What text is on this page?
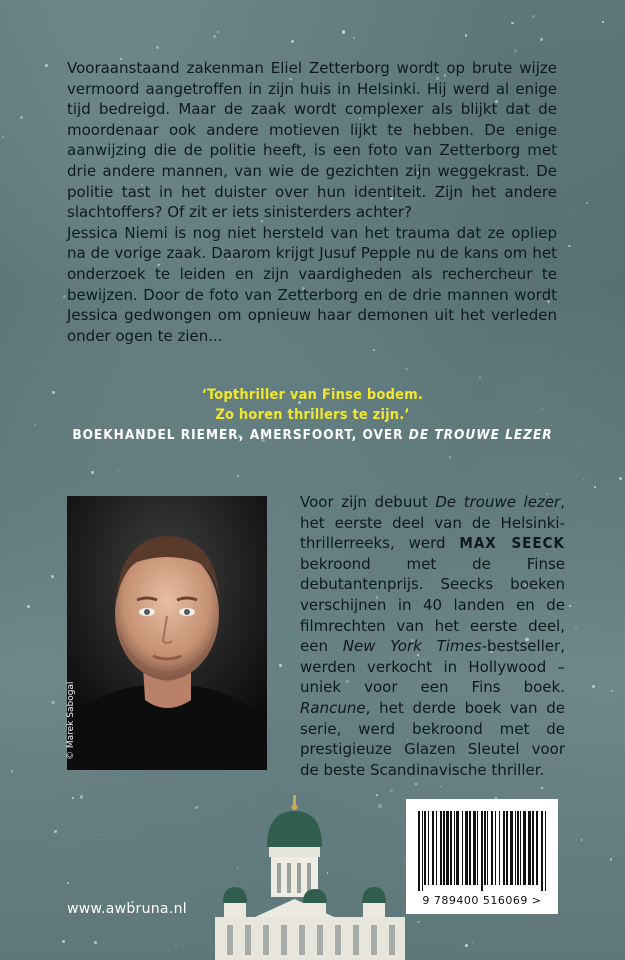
Vooraanstaand zakenman Eliel Zetterborg wordt op brute wijze vermoord aangetroffen in zijn huis in Helsinki. Hij werd al enige tijd bedreigd. Maar de zaak wordt complexer als blijkt dat de moordenaar ook andere motieven lijkt te hebben. De enige aanwijzing die de politie heeft, is een foto van Zetterborg met drie andere mannen, van wie de gezichten zijn weggekrast. De politie tast in het duister over hun identiteit. Zijn het andere slachtoffers? Of zit er iets sinisterders achter?
Jessica Niemi is nog niet hersteld van het trauma dat ze opliep na de vorige zaak. Daarom krijgt Jusuf Pepple nu de kans om het onderzoek te leiden en zijn vaardigheden als rechercheur te bewijzen. Door de foto van Zetterborg en de drie mannen wordt Jessica gedwongen om opnieuw haar demonen uit het verleden onder ogen te zien...
‘Topthriller van Finse bodem.
Zo horen thrillers te zijn.’
BOEKHANDEL RIEMER, AMERSFOORT, OVER DE TROUWE LEZER
© Marek Sabogal
Voor zijn debuut De trouwe lezer, het eerste deel van de Helsinki-thrillerreeks, werd MAX SEECK bekroond met de Finse debutantenprijs. Seecks boeken verschijnen in 40 landen en de filmrechten van het eerste deel, een New York Times-bestseller, werden verkocht in Hollywood – uniek voor een Fins boek. Rancune, het derde boek van de serie, werd bekroond met de prestigieuze Glazen Sleutel voor de beste Scandinavische thriller.
9 789400 516069 >
www.awbruna.nl
